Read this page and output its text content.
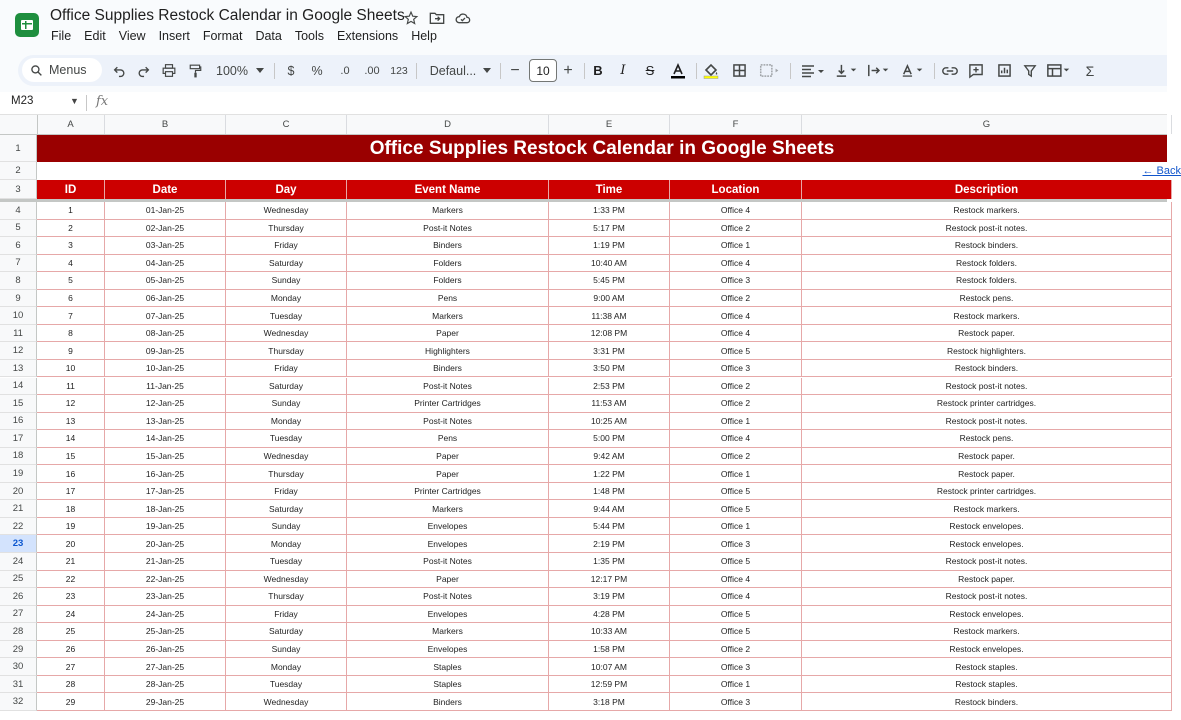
Office Supplies Restock Calendar in Google Sheets
File Edit View Insert Format Data Tools Extensions Help
Menus	100%	$ % .0 .00 123 Defaul... −	10 + B	I	S	Σ
M23	▼ fx
A	B	C	D	E	F	G
1	Office Supplies Restock Calendar in Google Sheets
2	← Back
3	ID	Date	Day	Event Name	Time	Location	Description
4	1	01-Jan-25	Wednesday	Markers	1:33 PM	Office 4	Restock markers.
5	2	02-Jan-25	Thursday	Post-it Notes	5:17 PM	Office 2	Restock post-it notes.
6	3	03-Jan-25	Friday	Binders	1:19 PM	Office 1	Restock binders.
7	4	04-Jan-25	Saturday	Folders	10:40 AM	Office 4	Restock folders.
8	5	05-Jan-25	Sunday	Folders	5:45 PM	Office 3	Restock folders.
9	6	06-Jan-25	Monday	Pens	9:00 AM	Office 2	Restock pens.
10	7	07-Jan-25	Tuesday	Markers	11:38 AM	Office 4	Restock markers.
11	8	08-Jan-25	Wednesday	Paper	12:08 PM	Office 4	Restock paper.
12	9	09-Jan-25	Thursday	Highlighters	3:31 PM	Office 5	Restock highlighters.
13	10	10-Jan-25	Friday	Binders	3:50 PM	Office 3	Restock binders.
14	11	11-Jan-25	Saturday	Post-it Notes	2:53 PM	Office 2	Restock post-it notes.
15	12	12-Jan-25	Sunday	Printer Cartridges	11:53 AM	Office 2	Restock printer cartridges.
16	13	13-Jan-25	Monday	Post-it Notes	10:25 AM	Office 1	Restock post-it notes.
17	14	14-Jan-25	Tuesday	Pens	5:00 PM	Office 4	Restock pens.
18	15	15-Jan-25	Wednesday	Paper	9:42 AM	Office 2	Restock paper.
19	16	16-Jan-25	Thursday	Paper	1:22 PM	Office 1	Restock paper.
20	17	17-Jan-25	Friday	Printer Cartridges	1:48 PM	Office 5	Restock printer cartridges.
21	18	18-Jan-25	Saturday	Markers	9:44 AM	Office 5	Restock markers.
22	19	19-Jan-25	Sunday	Envelopes	5:44 PM	Office 1	Restock envelopes.
23	20	20-Jan-25	Monday	Envelopes	2:19 PM	Office 3	Restock envelopes.
24	21	21-Jan-25	Tuesday	Post-it Notes	1:35 PM	Office 5	Restock post-it notes.
25	22	22-Jan-25	Wednesday	Paper	12:17 PM	Office 4	Restock paper.
26	23	23-Jan-25	Thursday	Post-it Notes	3:19 PM	Office 4	Restock post-it notes.
27	24	24-Jan-25	Friday	Envelopes	4:28 PM	Office 5	Restock envelopes.
28	25	25-Jan-25	Saturday	Markers	10:33 AM	Office 5	Restock markers.
29	26	26-Jan-25	Sunday	Envelopes	1:58 PM	Office 2	Restock envelopes.
30	27	27-Jan-25	Monday	Staples	10:07 AM	Office 3	Restock staples.
31	28	28-Jan-25	Tuesday	Staples	12:59 PM	Office 1	Restock staples.
32	29	29-Jan-25	Wednesday	Binders	3:18 PM	Office 3	Restock binders.
